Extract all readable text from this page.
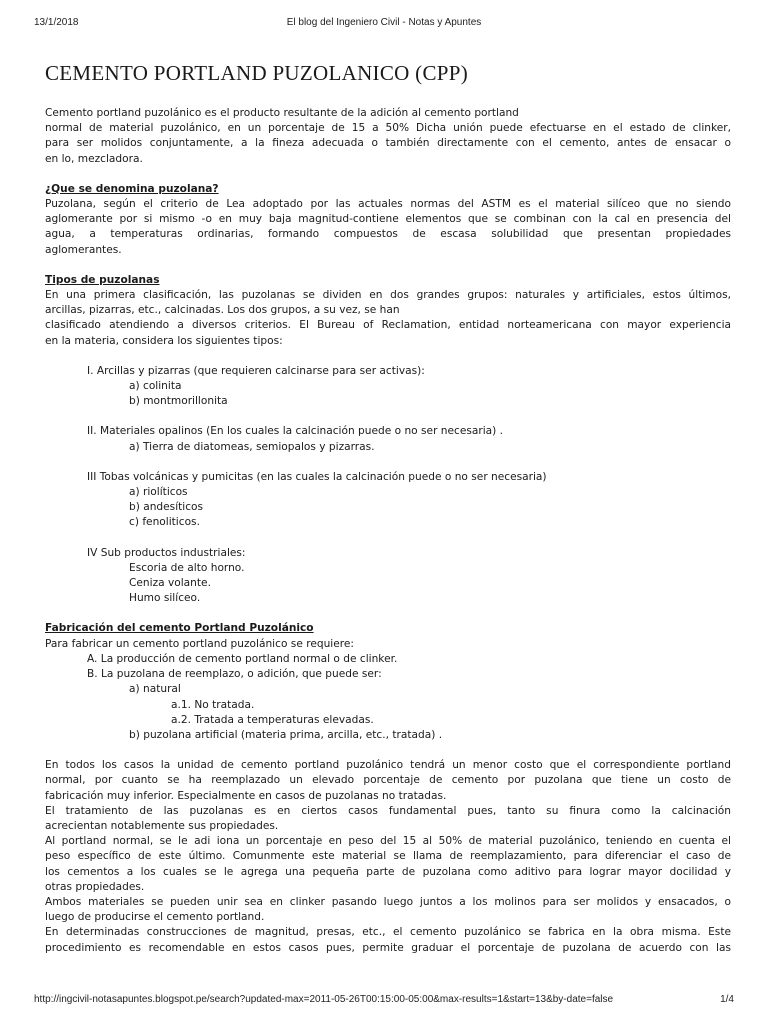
13/1/2018	El blog del Ingeniero Civil - Notas y Apuntes
CEMENTO PORTLAND PUZOLANICO (CPP)

Cemento portland puzolánico es el producto resultante de la adición al cemento portland

normal de material puzolánico, en un porcentaje de 15 a 50% Dicha unión puede efectuarse en el estado de clinker,

para ser molidos conjuntamente, a la fineza adecuada o también directamente con el cemento, antes de ensacar o

en lo, mezcladora.

¿Que se denomina puzolana?

Puzolana, según el criterio de Lea adoptado por las actuales normas del ASTM es el material silíceo que no siendo

aglomerante por si mismo -o en muy baja magnitud-contiene elementos que se combinan con la cal en presencia del

agua, a temperaturas ordinarias, formando compuestos de escasa solubilidad que presentan propiedades

aglomerantes.

Tipos de puzolanas

En una primera clasificación, las puzolanas se dividen en dos grandes grupos: naturales y artificiales, estos últimos,

arcillas, pizarras, etc., calcinadas. Los dos grupos, a su vez, se han

clasificado atendiendo a diversos criterios. El Bureau of Reclamation, entidad norteamericana con mayor experiencia

en la materia, considera los siguientes tipos:

I. Arcillas y pizarras (que requieren calcinarse para ser activas):

a) colinita

b) montmorillonita

II. Materiales opalinos (En los cuales la calcinación puede o no ser necesaria) .

a) Tierra de diatomeas, semiopalos y pizarras.

III Tobas volcánicas y pumicitas (en las cuales la calcinación puede o no ser necesaria)

a) riolíticos

b) andesíticos

c) fenoliticos.

IV Sub productos industriales:

Escoria de alto horno.

Ceniza volante.

Humo silíceo.

Fabricación del cemento Portland Puzolánico

Para fabricar un cemento portland puzolánico se requiere:

A. La producción de cemento portland normal o de clinker.

B. La puzolana de reemplazo, o adición, que puede ser:

a) natural

a.1. No tratada.

a.2. Tratada a temperaturas elevadas.

b) puzolana artificial (materia prima, arcilla, etc., tratada) .

En todos los casos la unidad de cemento portland puzolánico tendrá un menor costo que el correspondiente portland

normal, por cuanto se ha reemplazado un elevado porcentaje de cemento por puzolana que tiene un costo de

fabricación muy inferior. Especialmente en casos de puzolanas no tratadas.

El tratamiento de las puzolanas es en ciertos casos fundamental pues, tanto su finura como la calcinación

acrecientan notablemente sus propiedades.

Al portland normal, se le adi iona un porcentaje en peso del 15 al 50% de material puzolánico, teniendo en cuenta el

peso específico de este último. Comunmente este material se llama de reemplazamiento, para diferenciar el caso de

los cementos a los cuales se le agrega una pequeña parte de puzolana como aditivo para lograr mayor docilidad y

otras propiedades.

Ambos materiales se pueden unir sea en clinker pasando luego juntos a los molinos para ser molidos y ensacados, o

luego de producirse el cemento portland.

En determinadas construcciones de magnitud, presas, etc., el cemento puzolánico se fabrica en la obra misma. Este

procedimiento es recomendable en estos casos pues, permite graduar el porcentaje de puzolana de acuerdo con las

http://ingcivil-notasapuntes.blogspot.pe/search?updated-max=2011-05-26T00:15:00-05:00&max-results=1&start=13&by-date=false	1/4
